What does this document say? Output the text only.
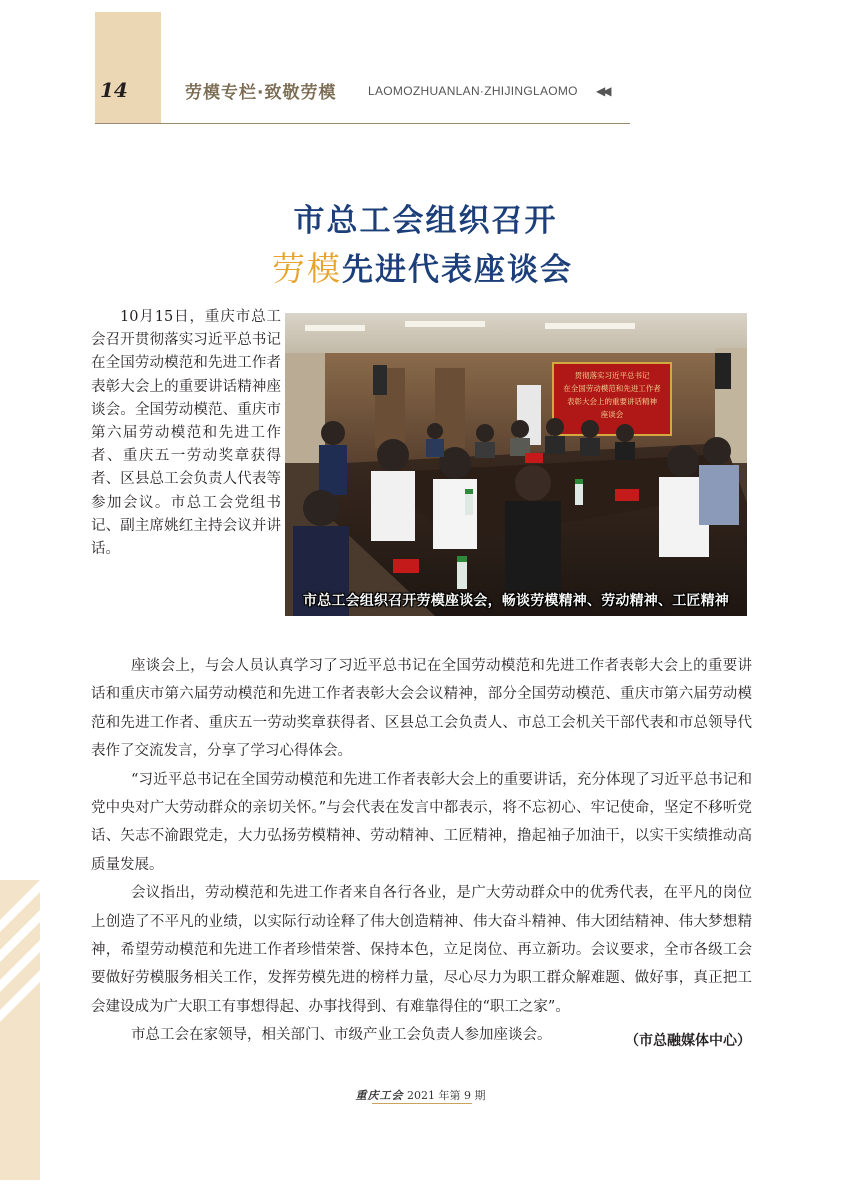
14	劳模专栏·致敬劳模	LAOMOZHUANLAN·ZHIJINGLAOMO ◀◀
市总工会组织召开
劳模先进代表座谈会

10月15日，重庆市总工会召开贯彻落实习近平总书记在全国劳动模范和先进工作者表彰大会上的重要讲话精神座谈会。全国劳动模范、重庆市第六届劳动模范和先进工作者、重庆五一劳动奖章获得者、区县总工会负责人代表等参加会议。市总工会党组书记、副主席姚红主持会议并讲话。

贯彻落实习近平总书记
在全国劳动模范和先进工作者
表彰大会上的重要讲话精神
座谈会
市总工会组织召开劳模座谈会，畅谈劳模精神、劳动精神、工匠精神

座谈会上，与会人员认真学习了习近平总书记在全国劳动模范和先进工作者表彰大会上的重要讲话和重庆市第六届劳动模范和先进工作者表彰大会会议精神，部分全国劳动模范、重庆市第六届劳动模范和先进工作者、重庆五一劳动奖章获得者、区县总工会负责人、市总工会机关干部代表和市总领导代表作了交流发言，分享了学习心得体会。

“习近平总书记在全国劳动模范和先进工作者表彰大会上的重要讲话，充分体现了习近平总书记和党中央对广大劳动群众的亲切关怀。”与会代表在发言中都表示，将不忘初心、牢记使命，坚定不移听党话、矢志不渝跟党走，大力弘扬劳模精神、劳动精神、工匠精神，撸起袖子加油干，以实干实绩推动高质量发展。

会议指出，劳动模范和先进工作者来自各行各业，是广大劳动群众中的优秀代表，在平凡的岗位上创造了不平凡的业绩，以实际行动诠释了伟大创造精神、伟大奋斗精神、伟大团结精神、伟大梦想精神，希望劳动模范和先进工作者珍惜荣誉、保持本色，立足岗位、再立新功。会议要求，全市各级工会要做好劳模服务相关工作，发挥劳模先进的榜样力量，尽心尽力为职工群众解难题、做好事，真正把工会建设成为广大职工有事想得起、办事找得到、有难靠得住的“职工之家”。

市总工会在家领导，相关部门、市级产业工会负责人参加座谈会。	（市总融媒体中心）
重庆工会 2021 年第 9 期
